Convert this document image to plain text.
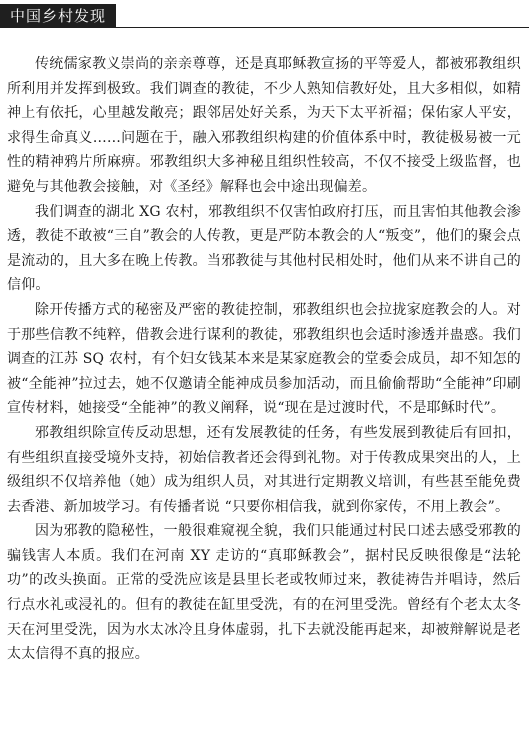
中国乡村发现

传统儒家教义崇尚的亲亲尊尊，还是真耶稣教宣扬的平等爱人，都被邪教组织所利用并发挥到极致。我们调查的教徒，不少人熟知信教好处，且大多相似，如精神上有依托，心里越发敞亮；跟邻居处好关系，为天下太平祈福；保佑家人平安，求得生命真义……问题在于，融入邪教组织构建的价值体系中时，教徒极易被一元性的精神鸦片所麻痹。邪教组织大多神秘且组织性较高，不仅不接受上级监督，也避免与其他教会接触，对《圣经》解释也会中途出现偏差。

我们调查的湖北 XG 农村，邪教组织不仅害怕政府打压，而且害怕其他教会渗透，教徒不敢被“三自”教会的人传教，更是严防本教会的人“叛变”，他们的聚会点是流动的，且大多在晚上传教。当邪教徒与其他村民相处时，他们从来不讲自己的信仰。

除开传播方式的秘密及严密的教徒控制，邪教组织也会拉拢家庭教会的人。对于那些信教不纯粹，借教会进行谋利的教徒，邪教组织也会适时渗透并蛊惑。我们调查的江苏 SQ 农村，有个妇女钱某本来是某家庭教会的堂委会成员，却不知怎的被“全能神”拉过去，她不仅邀请全能神成员参加活动，而且偷偷帮助“全能神”印刷宣传材料，她接受“全能神”的教义阐释，说“现在是过渡时代，不是耶稣时代”。

邪教组织除宣传反动思想，还有发展教徒的任务，有些发展到教徒后有回扣，有些组织直接受境外支持，初始信教者还会得到礼物。对于传教成果突出的人，上级组织不仅培养他（她）成为组织人员，对其进行定期教义培训，有些甚至能免费去香港、新加坡学习。有传播者说 “只要你相信我，就到你家传，不用上教会”。

因为邪教的隐秘性，一般很难窥视全貌，我们只能通过村民口述去感受邪教的骗钱害人本质。我们在河南 XY 走访的“真耶稣教会”，据村民反映很像是“法轮功”的改头换面。正常的受洗应该是县里长老或牧师过来，教徒祷告并唱诗，然后行点水礼或浸礼的。但有的教徒在缸里受洗，有的在河里受洗。曾经有个老太太冬天在河里受洗，因为水太冰冷且身体虚弱，扎下去就没能再起来，却被辩解说是老太太信得不真的报应。
